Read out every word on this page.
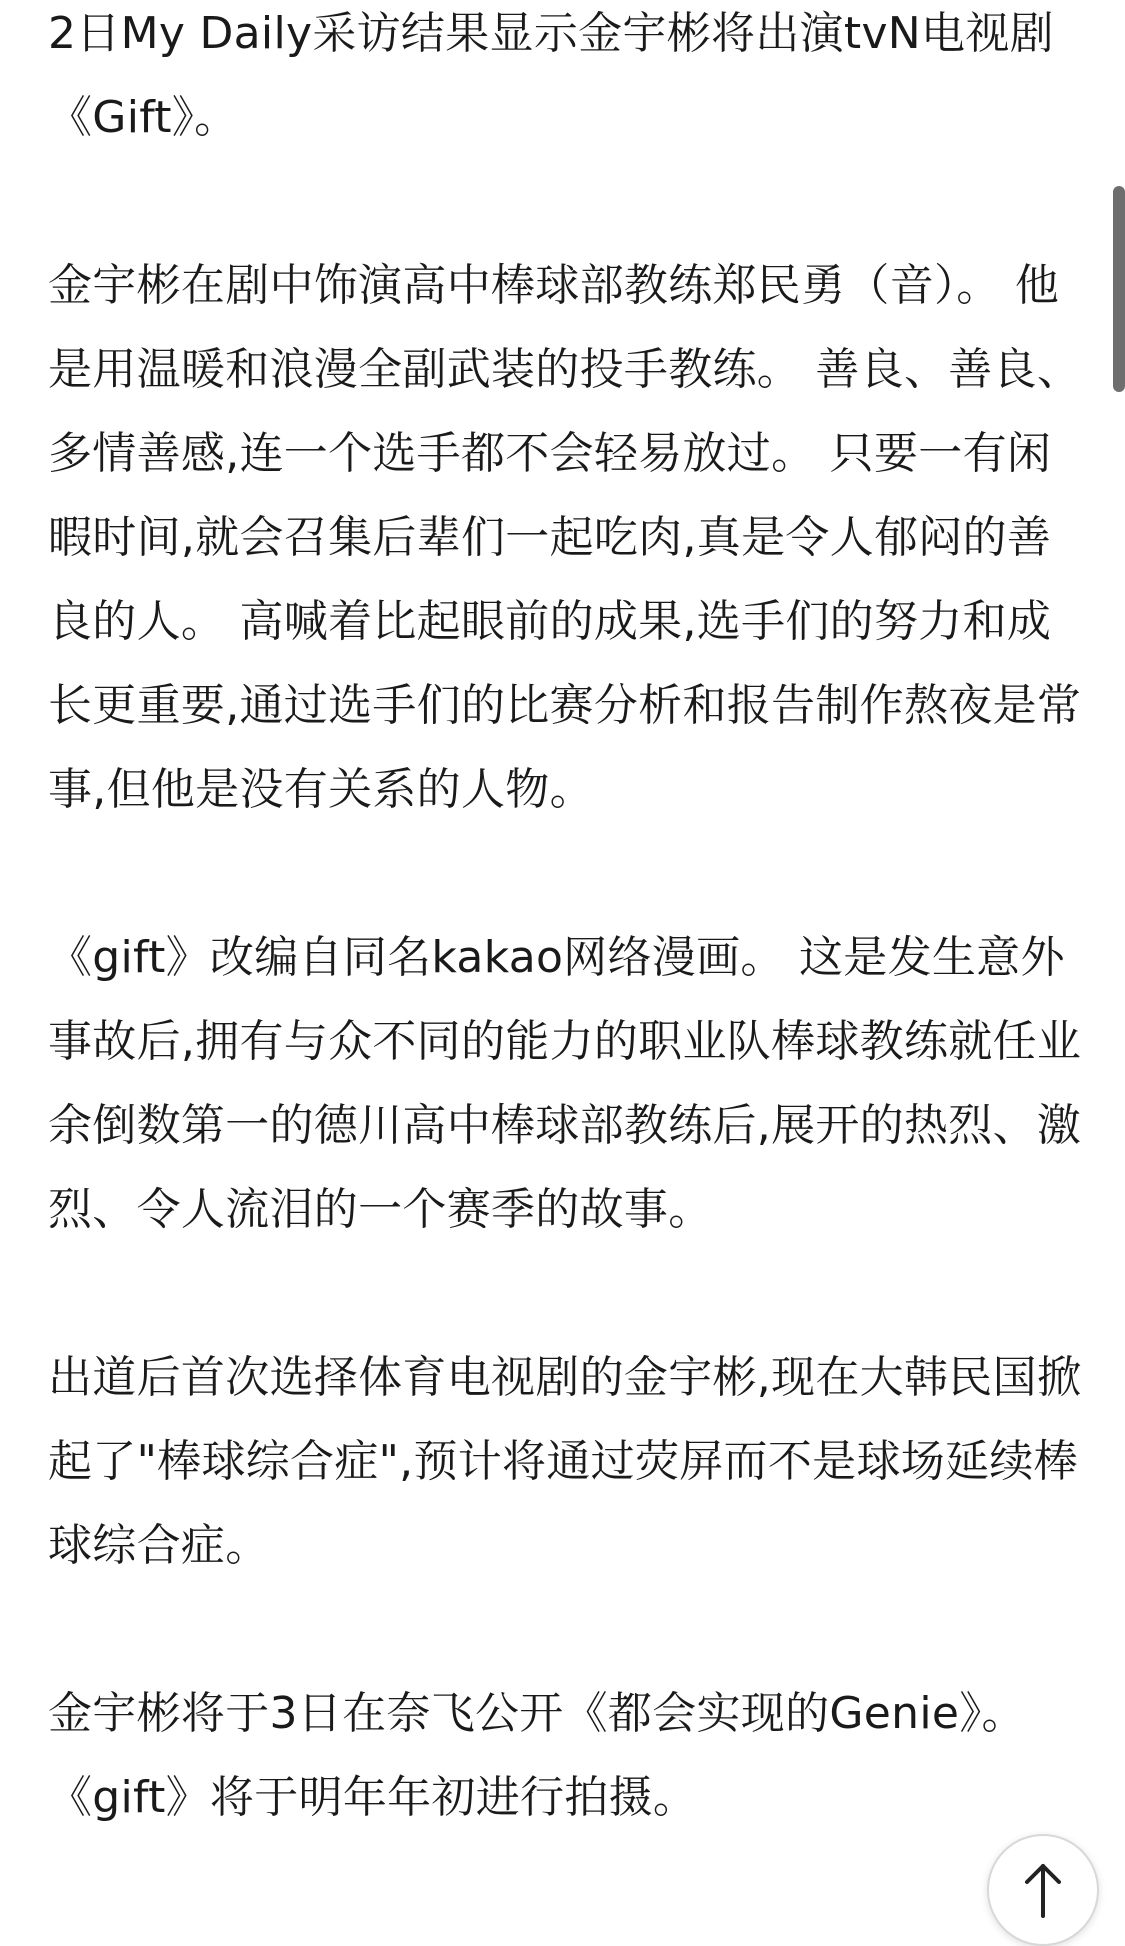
2日My Daily采访结果显示金宇彬将出演tvN电视剧《Gift》。

金宇彬在剧中饰演高中棒球部教练郑民勇（音）。 他是用温暖和浪漫全副武装的投手教练。 善良、善良、多情善感,连一个选手都不会轻易放过。 只要一有闲暇时间,就会召集后辈们一起吃肉,真是令人郁闷的善良的人。 高喊着比起眼前的成果,选手们的努力和成长更重要,通过选手们的比赛分析和报告制作熬夜是常事,但他是没有关系的人物。

《gift》改编自同名kakao网络漫画。 这是发生意外事故后,拥有与众不同的能力的职业队棒球教练就任业余倒数第一的德川高中棒球部教练后,展开的热烈、激烈、令人流泪的一个赛季的故事。

出道后首次选择体育电视剧的金宇彬,现在大韩民国掀起了"棒球综合症",预计将通过荧屏而不是球场延续棒球综合症。

金宇彬将于3日在奈飞公开《都会实现的Genie》。 《gift》将于明年年初进行拍摄。
